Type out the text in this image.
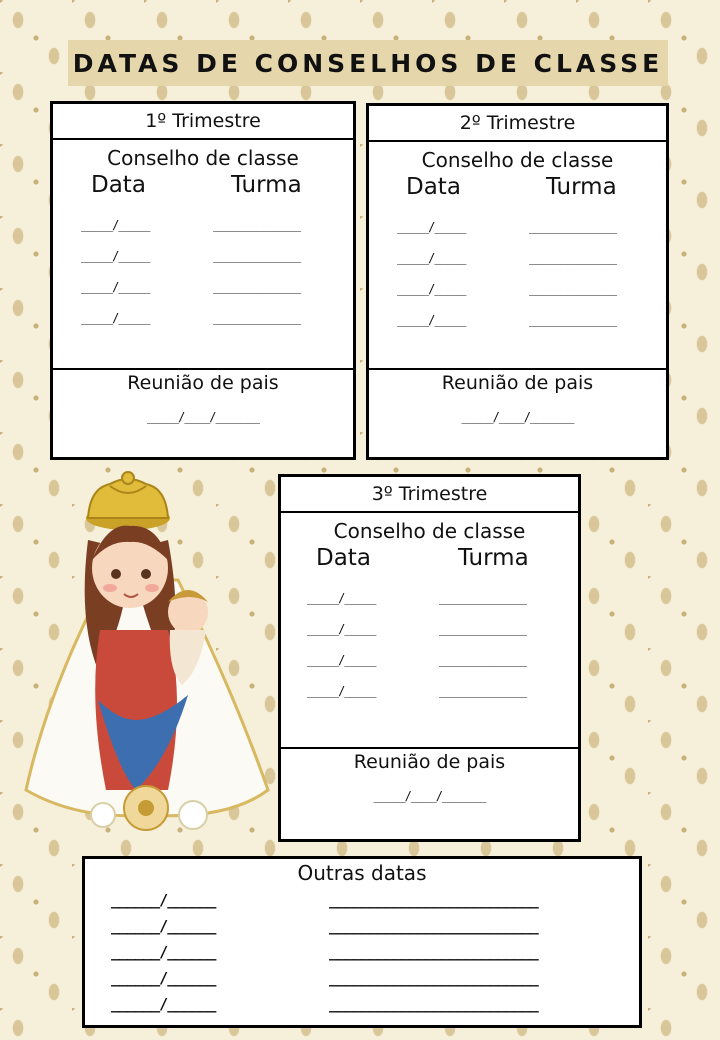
DATAS DE CONSELHOS DE CLASSE
1º Trimestre
Conselho de classe
Data	Turma
_____/_____	______________
_____/_____	______________
_____/_____	______________
_____/_____	______________
Reunião de pais
_____/____/_______
2º Trimestre
Conselho de classe
Data	Turma
_____/_____	______________
_____/_____	______________
_____/_____	______________
_____/_____	______________
Reunião de pais
_____/____/_______
3º Trimestre
Conselho de classe
Data	Turma
_____/_____	______________
_____/_____	______________
_____/_____	______________
_____/_____	______________
Reunião de pais
_____/____/_______
Outras datas
______/______	__________________________
______/______	__________________________
______/______	__________________________
______/______	__________________________
______/______	__________________________
